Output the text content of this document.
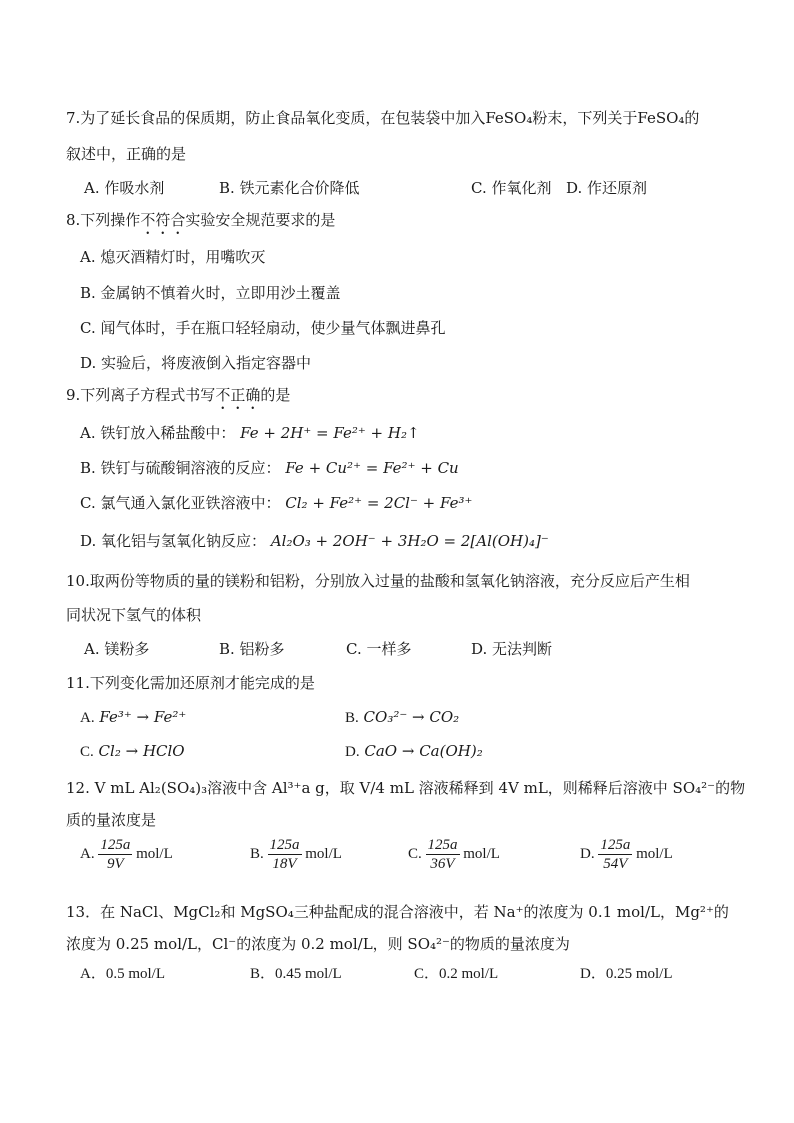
7.为了延长食品的保质期，防止食品氧化变质，在包装袋中加入FeSO₄粉末，下列关于FeSO₄的
叙述中，正确的是
A. 作吸水剂	B. 铁元素化合价降低	C. 作氧化剂 D. 作还原剂
8.下列操作不符合实验安全规范要求的是
A. 熄灭酒精灯时，用嘴吹灭
B. 金属钠不慎着火时，立即用沙土覆盖
C. 闻气体时，手在瓶口轻轻扇动，使少量气体飘进鼻孔
D. 实验后，将废液倒入指定容器中
9.下列离子方程式书写不正确的是
A. 铁钉放入稀盐酸中： Fe + 2H⁺ = Fe²⁺ + H₂↑
B. 铁钉与硫酸铜溶液的反应： Fe + Cu²⁺ = Fe²⁺ + Cu
C. 氯气通入氯化亚铁溶液中： Cl₂ + Fe²⁺ = 2Cl⁻ + Fe³⁺
D. 氧化铝与氢氧化钠反应： Al₂O₃ + 2OH⁻ + 3H₂O = 2[Al(OH)₄]⁻
10.取两份等物质的量的镁粉和铝粉，分别放入过量的盐酸和氢氧化钠溶液，充分反应后产生相
同状况下氢气的体积
A. 镁粉多	B. 铝粉多	C. 一样多	D. 无法判断
11.下列变化需加还原剂才能完成的是
A. Fe³⁺ → Fe²⁺	B. CO₃²⁻ → CO₂
C. Cl₂ → HClO	D. CaO → Ca(OH)₂
12. V mL Al₂(SO₄)₃溶液中含 Al³⁺a g，取 V/4 mL 溶液稀释到 4V mL，则稀释后溶液中 SO₄²⁻的物
质的量浓度是
A. $\frac{125a}{9V} mol/L$	B. $\frac{125a}{18V} mol/L$	C. $\frac{125a}{36V} mol/L$	D. $\frac{125a}{54V} mol/L$
13．在 NaCl、MgCl₂和 MgSO₄三种盐配成的混合溶液中，若 Na⁺的浓度为 0.1 mol/L，Mg²⁺的
浓度为 0.25 mol/L，Cl⁻的浓度为 0.2 mol/L，则 SO₄²⁻的物质的量浓度为
A．0.5 mol/L	B．0.45 mol/L	C．0.2 mol/L	D．0.25 mol/L
